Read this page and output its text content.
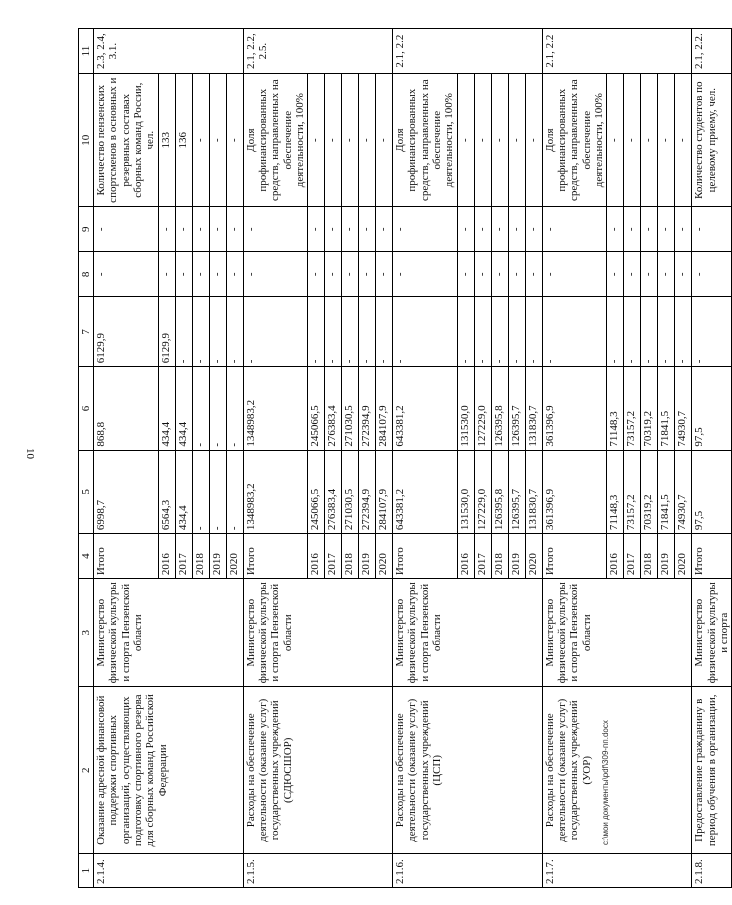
10
c:\мои документы\pdf\309-пп.docx
1	2	3	4	5	6	7	8	9	10	11
2.1.4.	Оказание адресной финансовой поддержки спортивных организаций, осуществляющих подготовку спортивного резерва для сборных команд Российской Федерации	Министерство физической культуры и спорта Пензенской области	Итого	6998,7	868,8	6129,9	-	-	Количество пензенских спортсменов в основных и резервных составах сборных команд России, чел.	2.3, 2.4, 3.1.
			2016	6564,3	434,4	6129,9	-	-	133	
			2017	434,4	434,4	-	-	-	136	
			2018	-	-	-	-	-	-	
			2019	-	-	-	-	-	-	
			2020	-	-	-	-	-	-	
2.1.5.	Расходы на обеспечение деятельности (оказание услуг) государственных учреждений (СДЮСШОР)	Министерство физической культуры и спорта Пензенской области	Итого	1348983,2	1348983,2	-	-	-	Доля профинансированных средств, направленных на обеспечение деятельности, 100%	2.1, 2.2, 2.5.
			2016	245066,5	245066,5	-	-	-	-	
			2017	276383,4	276383,4	-	-	-	-	
			2018	271030,5	271030,5	-	-	-	-	
			2019	272394,9	272394,9	-	-	-	-	
			2020	284107,9	284107,9	-	-	-	-	
2.1.6.	Расходы на обеспечение деятельности (оказание услуг) государственных учреждений (ЦСП)	Министерство физической культуры и спорта Пензенской области	Итого	643381,2	643381,2	-	-	-	Доля профинансированных средств, направленных на обеспечение деятельности, 100%	2.1, 2.2
			2016	131530,0	131530,0	-	-	-	-	
			2017	127229,0	127229,0	-	-	-	-	
			2018	126395,8	126395,8	-	-	-	-	
			2019	126395,7	126395,7	-	-	-	-	
			2020	131830,7	131830,7	-	-	-	-	
2.1.7.	Расходы на обеспечение деятельности (оказание услуг) государственных учреждений (УОР)	Министерство физической культуры и спорта Пензенской области	Итого	361396,9	361396,9	-	-	-	Доля профинансированных средств, направленных на обеспечение деятельности, 100%	2.1, 2.2
			2016	71148,3	71148,3	-	-	-	-	
			2017	73157,2	73157,2	-	-	-	-	
			2018	70319,2	70319,2	-	-	-	-	
			2019	71841,5	71841,5	-	-	-	-	
			2020	74930,7	74930,7	-	-	-	-	
2.1.8.	Предоставление гражданину в период обучения в организации,	Министерство физической культуры и спорта	Итого	97,5	97,5	-	-	-	Количество студентов по целевому приему, чел.	2.1, 2.2.
